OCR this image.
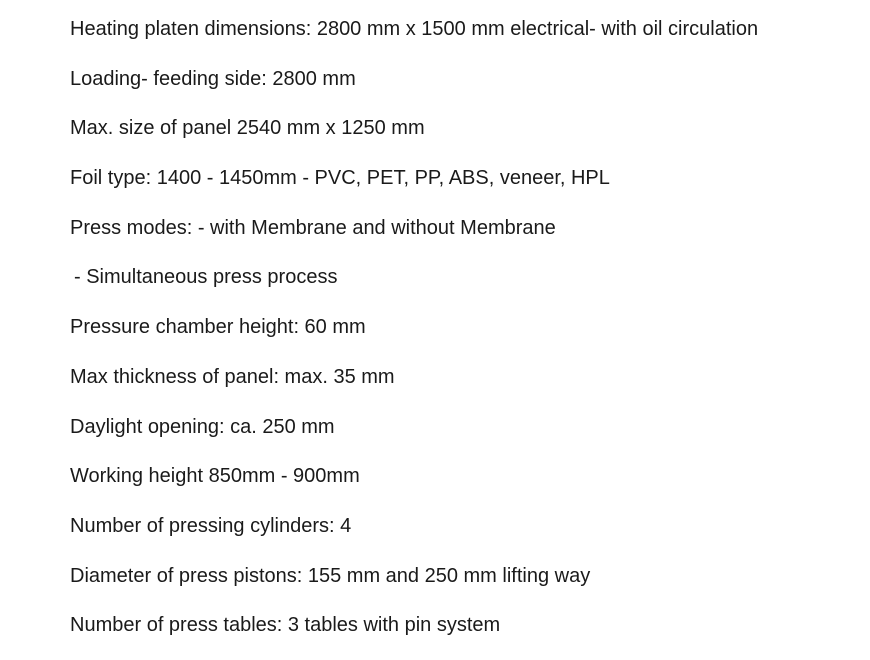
Heating platen dimensions: 2800 mm x 1500 mm electrical- with oil circulation

Loading- feeding side: 2800 mm

Max. size of panel 2540 mm x 1250 mm

Foil type: 1400 - 1450mm - PVC, PET, PP, ABS, veneer, HPL

Press modes: - with Membrane and without Membrane

- Simultaneous press process

Pressure chamber height: 60 mm

Max thickness of panel: max. 35 mm

Daylight opening: ca. 250 mm

Working height 850mm - 900mm

Number of pressing cylinders: 4

Diameter of press pistons: 155 mm and 250 mm lifting way

Number of press tables: 3 tables with pin system
